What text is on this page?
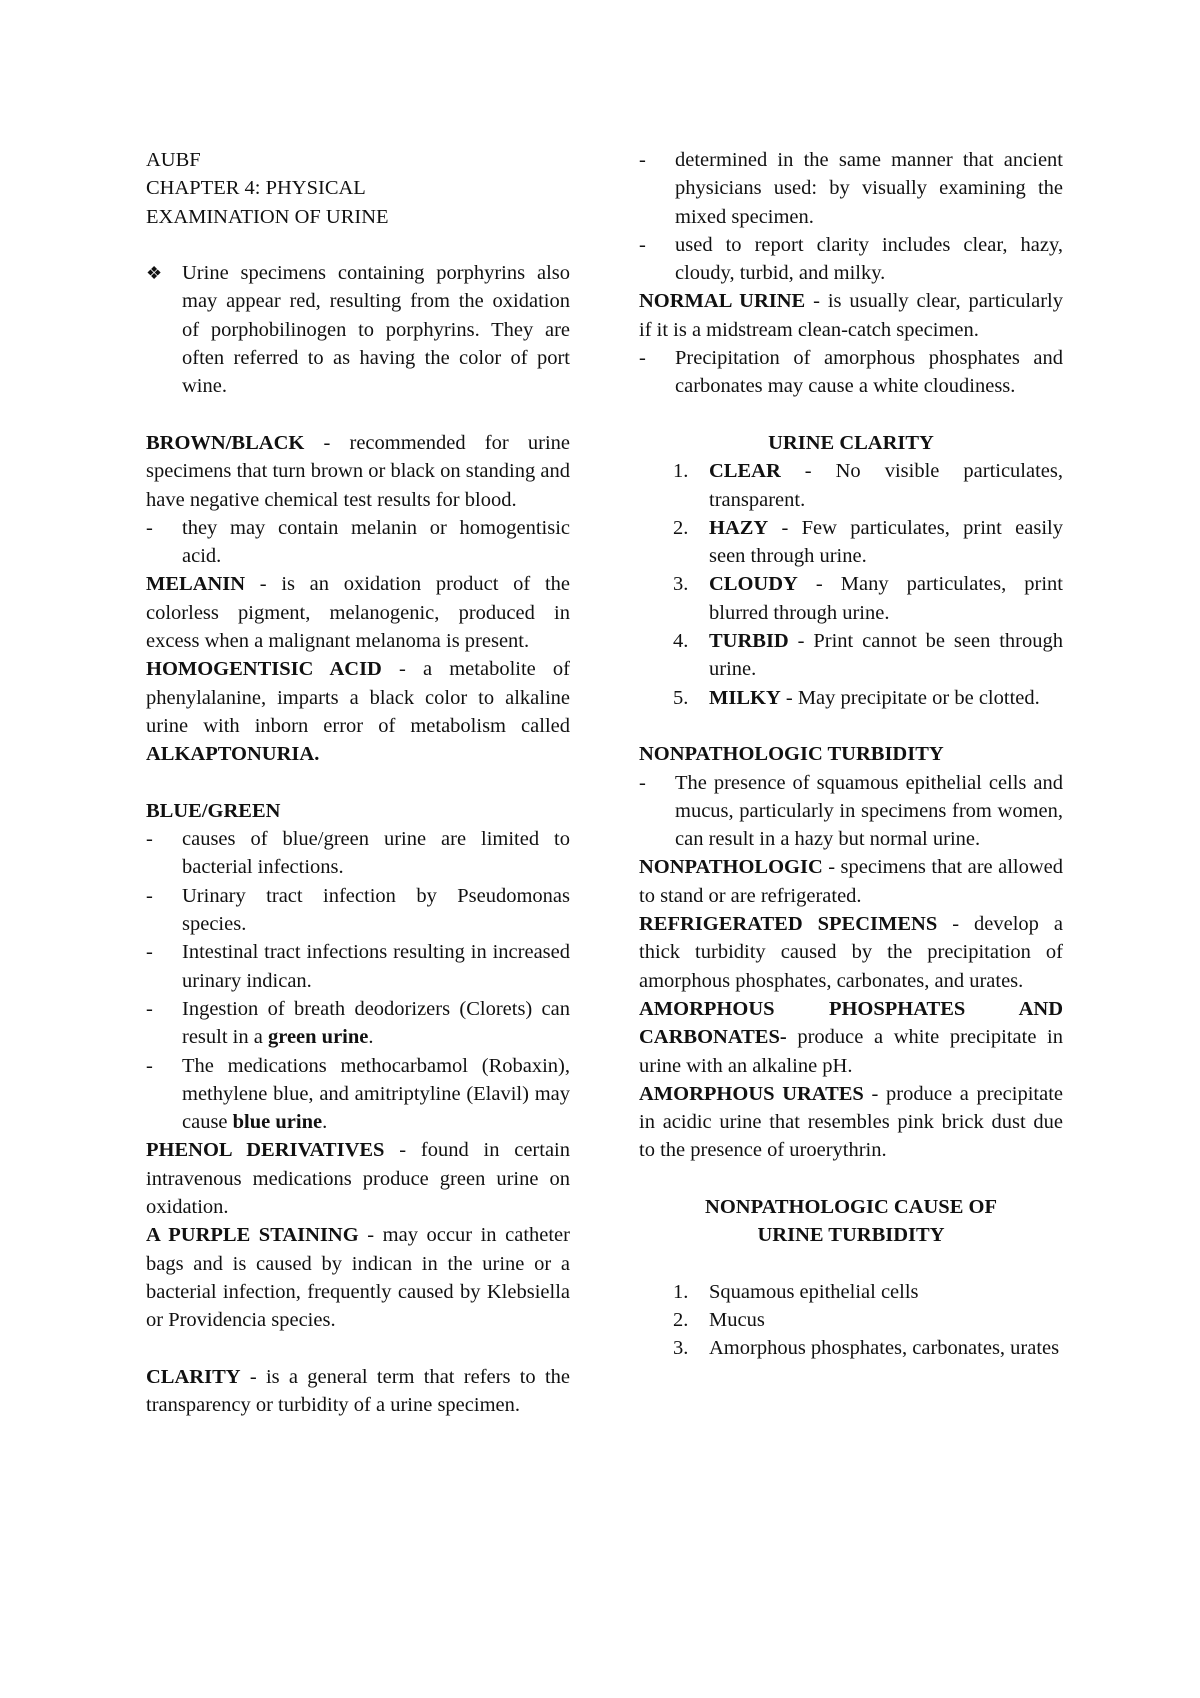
AUBF

CHAPTER 4: PHYSICAL

EXAMINATION OF URINE

❖ Urine specimens containing porphyrins also may appear red, resulting from the oxidation of porphobilinogen to porphyrins. They are often referred to as having the color of port wine.

BROWN/BLACK - recommended for urine specimens that turn brown or black on standing and have negative chemical test results for blood.

-	they may contain melanin or homogentisic acid.

MELANIN - is an oxidation product of the colorless pigment, melanogenic, produced in excess when a malignant melanoma is present.

HOMOGENTISIC ACID - a metabolite of phenylalanine, imparts a black color to alkaline urine with inborn error of metabolism called ALKAPTONURIA.

BLUE/GREEN

-	causes of blue/green urine are limited to bacterial infections.
-	Urinary tract infection by Pseudomonas species.
-	Intestinal tract infections resulting in increased urinary indican.
-	Ingestion of breath deodorizers (Clorets) can result in a green urine.
-	The medications methocarbamol (Robaxin), methylene blue, and amitriptyline (Elavil) may cause blue urine.

PHENOL DERIVATIVES - found in certain intravenous medications produce green urine on oxidation.

A PURPLE STAINING - may occur in catheter bags and is caused by indican in the urine or a bacterial infection, frequently caused by Klebsiella or Providencia species.

CLARITY - is a general term that refers to the transparency or turbidity of a urine specimen.

-	determined in the same manner that ancient physicians used: by visually examining the mixed specimen.
-	used to report clarity includes clear, hazy, cloudy, turbid, and milky.

NORMAL URINE - is usually clear, particularly if it is a midstream clean-catch specimen.

-	Precipitation of amorphous phosphates and carbonates may cause a white cloudiness.

URINE CLARITY

1.	CLEAR - No visible particulates, transparent.
2.	HAZY - Few particulates, print easily seen through urine.
3.	CLOUDY - Many particulates, print blurred through urine.
4.	TURBID - Print cannot be seen through urine.
5.	MILKY - May precipitate or be clotted.

NONPATHOLOGIC TURBIDITY

-	The presence of squamous epithelial cells and mucus, particularly in specimens from women, can result in a hazy but normal urine.

NONPATHOLOGIC - specimens that are allowed to stand or are refrigerated.

REFRIGERATED SPECIMENS - develop a thick turbidity caused by the precipitation of amorphous phosphates, carbonates, and urates.

AMORPHOUS PHOSPHATES AND CARBONATES- produce a white precipitate in urine with an alkaline pH.

AMORPHOUS URATES - produce a precipitate in acidic urine that resembles pink brick dust due to the presence of uroerythrin.

NONPATHOLOGIC CAUSE OF

URINE TURBIDITY

1.	Squamous epithelial cells
2.	Mucus
3.	Amorphous phosphates, carbonates, urates
